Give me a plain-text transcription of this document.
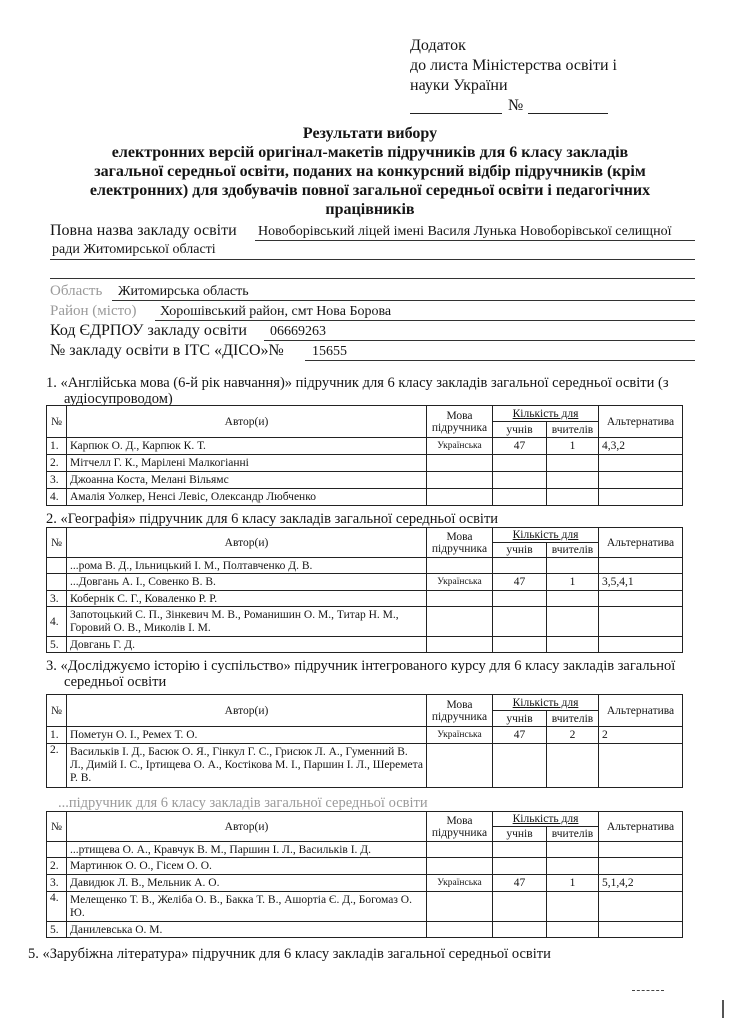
Додаток
до листа Міністерства освіти і
науки України
№
Результати вибору
електронних версій оригінал-макетів підручників для 6 класу закладів
загальної середньої освіти, поданих на конкурсний відбір підручників (крім
електронних) для здобувачів повної загальної середньої освіти і педагогічних
працівників
Повна назва закладу освіти Новоборівський ліцей імені Василя Лунька Новоборівської селищної
ради Житомирської області
Область Житомирська область
Район (місто) Хорошівський район, смт Нова Борова
Код ЄДРПОУ закладу освіти 06669263
№ закладу освіти в ІТС «ДІСО»№ 15655
1. «Англійська мова (6-й рік навчання)» підручник для 6 класу закладів загальної середньої освіти (з
аудіосупроводом)
№	Автор(и)	Мова підручника	Кількість для		Альтернатива
			учнів	вчителів	
1.	Карпюк О. Д., Карпюк К. Т.	Українська	47	1	4,3,2
2.	Мітчелл Г. К., Марілені Малкогіанні				
3.	Джоанна Коста, Мелані Вільямс				
4.	Амалія Уолкер, Ненсі Левіс, Олександр Любченко				
2. «Географія» підручник для 6 класу закладів загальної середньої освіти
№	Автор(и)	Мова підручника	Кількість для		Альтернатива
			учнів	вчителів	
	...рома В. Д., Ільницький І. М., Полтавченко Д. В.				
	...Довгань А. І., Совенко В. В.	Українська	47	1	3,5,4,1
3.	Кобернік С. Г., Коваленко Р. Р.				
4.	Запотоцький С. П., Зінкевич М. В., Романишин О. М., Титар Н. М., Горовий О. В., Миколів І. М.				
5.	Довгань Г. Д.				
3. «Досліджуємо історію і суспільство» підручник інтегрованого курсу для 6 класу закладів загальної
середньої освіти
№	Автор(и)	Мова підручника	Кількість для		Альтернатива
			учнів	вчителів	
1.	Пометун О. І., Ремех Т. О.	Українська	47	2	2
2.	Васильків І. Д., Басюк О. Я., Гінкул Г. С., Грисюк Л. А., Гуменний В. Л., Димій І. С., Іртищева О. А., Костікова М. І., Паршин І. Л., Шеремета Р. В.				
...підручник для 6 класу закладів загальної середньої освіти
№	Автор(и)	Мова підручника	Кількість для		Альтернатива
			учнів	вчителів	
	...ртищева О. А., Кравчук В. М., Паршин І. Л., Васильків І. Д.				
2.	Мартинюк О. О., Гісем О. О.				
3.	Давидюк Л. В., Мельник А. О.	Українська	47	1	5,1,4,2
4.	Мелещенко Т. В., Желіба О. В., Бакка Т. В., Ашортіа Є. Д., Богомаз О. Ю.				
5.	Данилевська О. М.				
5. «Зарубіжна література» підручник для 6 класу закладів загальної середньої освіти
